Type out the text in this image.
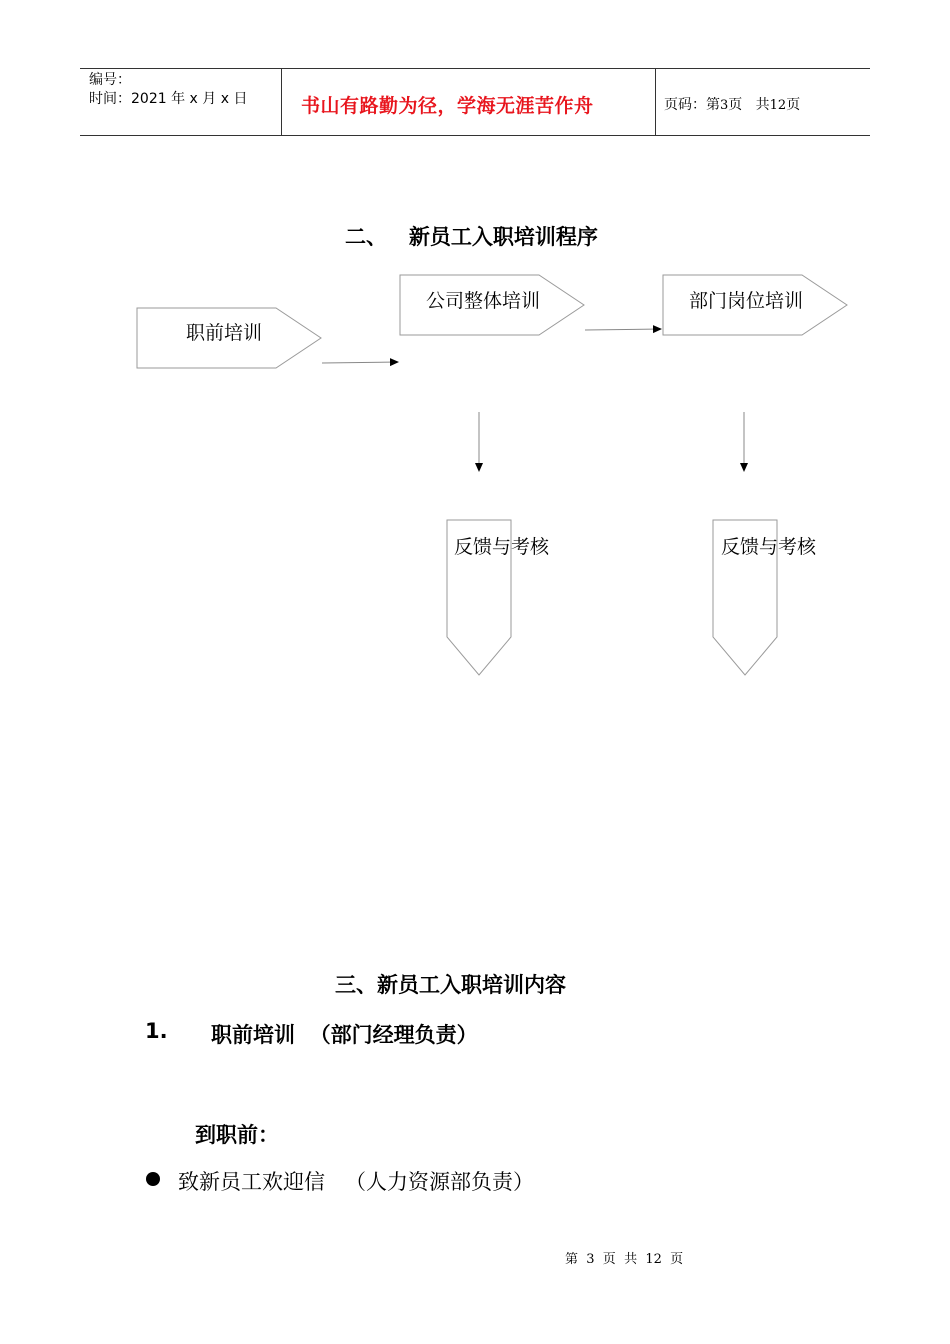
编号：
时间：2021 年 x 月 x 日	书山有路勤为径，学海无涯苦作舟	页码：第3页   共12页
二、   新员工入职培训程序
职前培训
公司整体培训	部门岗位培训
反馈与考核	反馈与考核
三、新员工入职培训内容
1. 职前培训  （部门经理负责）
到职前：
致新员工欢迎信   （人力资源部负责）
第  3  页  共  12  页
